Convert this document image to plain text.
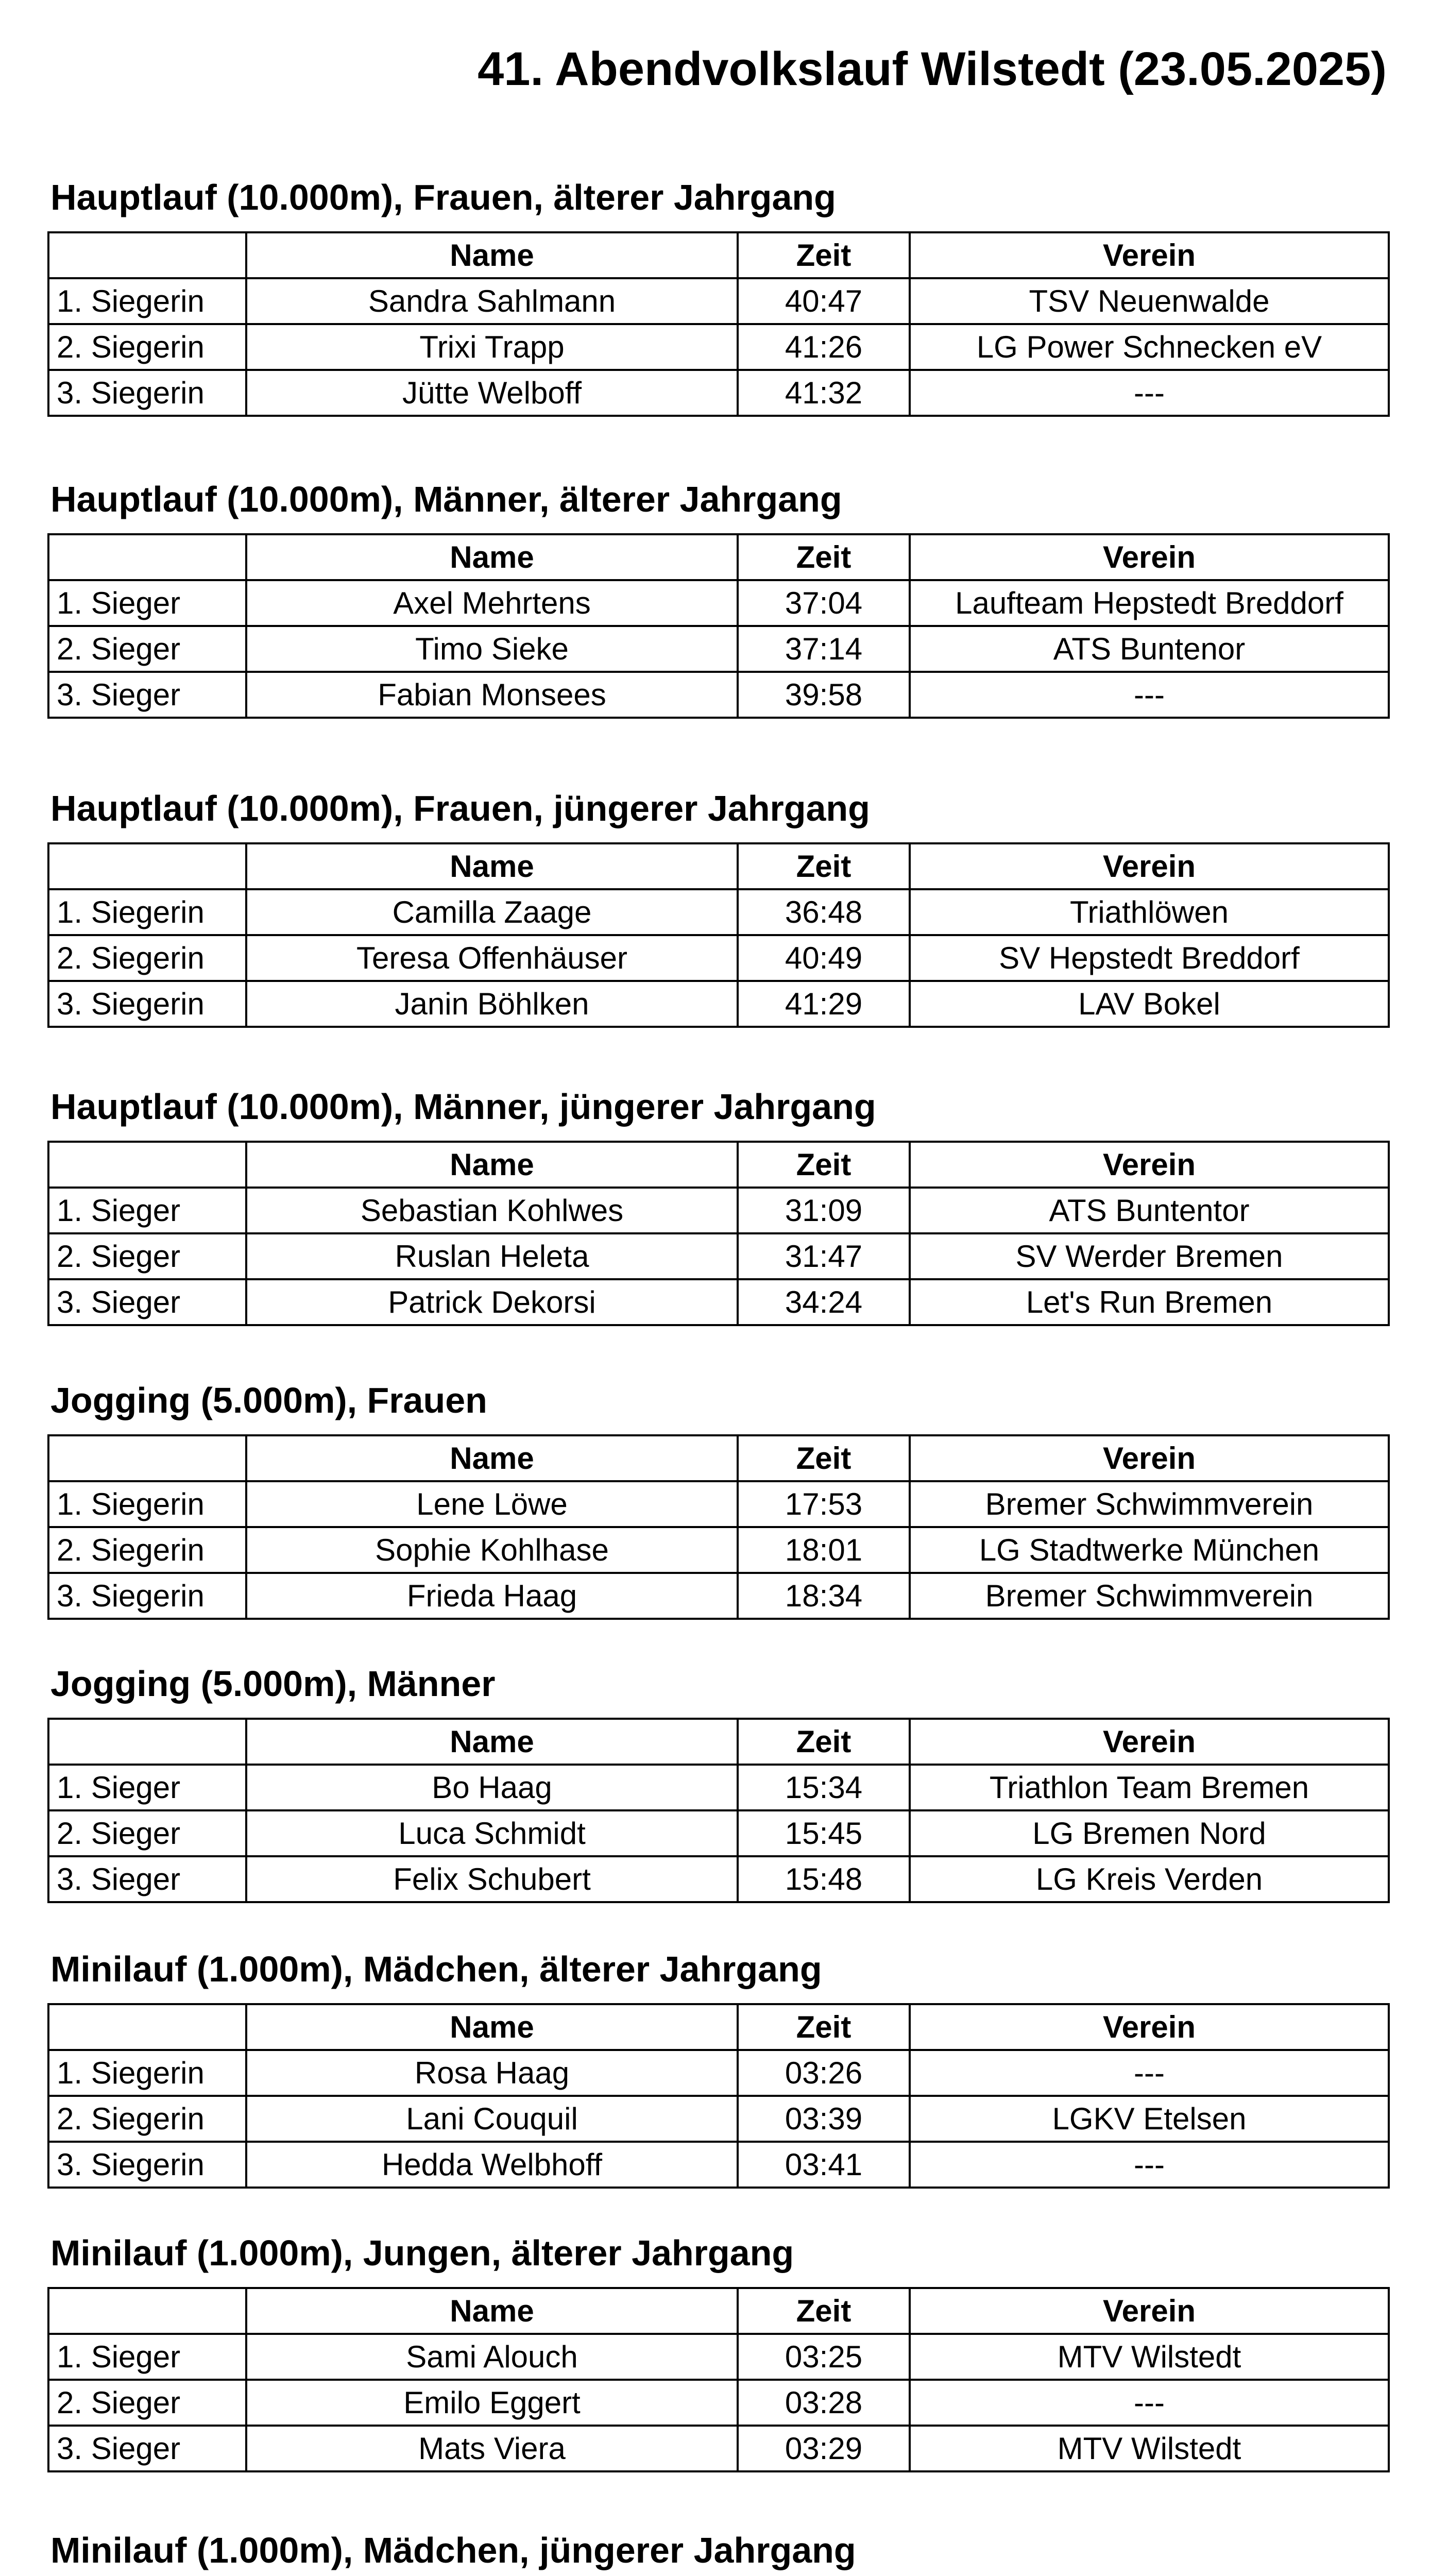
41. Abendvolkslauf Wilstedt (23.05.2025)
Hauptlauf (10.000m), Frauen, älterer Jahrgang
	Name	Zeit	Verein
1. Siegerin	Sandra Sahlmann	40:47	TSV Neuenwalde
2. Siegerin	Trixi Trapp	41:26	LG Power Schnecken eV
3. Siegerin	Jütte Welboff	41:32	---
Hauptlauf (10.000m), Männer, älterer Jahrgang
	Name	Zeit	Verein
1. Sieger	Axel Mehrtens	37:04	Laufteam Hepstedt Breddorf
2. Sieger	Timo Sieke	37:14	ATS Buntenor
3. Sieger	Fabian Monsees	39:58	---
Hauptlauf (10.000m), Frauen, jüngerer Jahrgang
	Name	Zeit	Verein
1. Siegerin	Camilla Zaage	36:48	Triathlöwen
2. Siegerin	Teresa Offenhäuser	40:49	SV Hepstedt Breddorf
3. Siegerin	Janin Böhlken	41:29	LAV Bokel
Hauptlauf (10.000m), Männer, jüngerer Jahrgang
	Name	Zeit	Verein
1. Sieger	Sebastian Kohlwes	31:09	ATS Buntentor
2. Sieger	Ruslan Heleta	31:47	SV Werder Bremen
3. Sieger	Patrick Dekorsi	34:24	Let's Run Bremen
Jogging (5.000m), Frauen
	Name	Zeit	Verein
1. Siegerin	Lene Löwe	17:53	Bremer Schwimmverein
2. Siegerin	Sophie Kohlhase	18:01	LG Stadtwerke München
3. Siegerin	Frieda Haag	18:34	Bremer Schwimmverein
Jogging (5.000m), Männer
	Name	Zeit	Verein
1. Sieger	Bo Haag	15:34	Triathlon Team Bremen
2. Sieger	Luca Schmidt	15:45	LG Bremen Nord
3. Sieger	Felix Schubert	15:48	LG Kreis Verden
Minilauf (1.000m), Mädchen, älterer Jahrgang
	Name	Zeit	Verein
1. Siegerin	Rosa Haag	03:26	---
2. Siegerin	Lani Couquil	03:39	LGKV Etelsen
3. Siegerin	Hedda Welbhoff	03:41	---
Minilauf (1.000m), Jungen, älterer Jahrgang
	Name	Zeit	Verein
1. Sieger	Sami Alouch	03:25	MTV Wilstedt
2. Sieger	Emilo Eggert	03:28	---
3. Sieger	Mats Viera	03:29	MTV Wilstedt
Minilauf (1.000m), Mädchen, jüngerer Jahrgang
